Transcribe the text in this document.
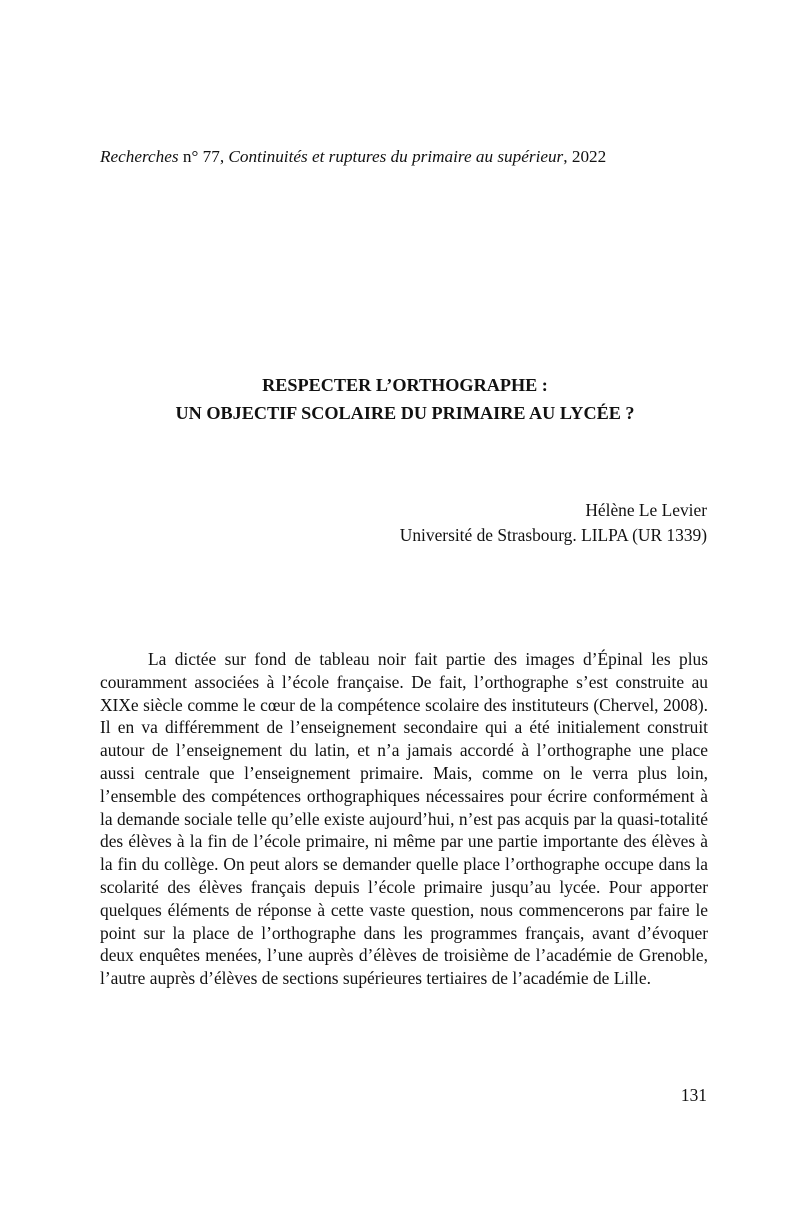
Recherches n° 77, Continuités et ruptures du primaire au supérieur, 2022
RESPECTER L’ORTHOGRAPHE :
UN OBJECTIF SCOLAIRE DU PRIMAIRE AU LYCÉE ?
Hélène Le Levier
Université de Strasbourg. LILPA (UR 1339)

La dictée sur fond de tableau noir fait partie des images d’Épinal les plus couramment associées à l’école française. De fait, l’orthographe s’est construite au XIXe siècle comme le cœur de la compétence scolaire des instituteurs (Chervel, 2008). Il en va différemment de l’enseignement secondaire qui a été initialement construit autour de l’enseignement du latin, et n’a jamais accordé à l’orthographe une place aussi centrale que l’enseignement primaire. Mais, comme on le verra plus loin, l’ensemble des compétences orthographiques nécessaires pour écrire conformément à la demande sociale telle qu’elle existe aujourd’hui, n’est pas acquis par la quasi-totalité des élèves à la fin de l’école primaire, ni même par une partie importante des élèves à la fin du collège. On peut alors se demander quelle place l’orthographe occupe dans la scolarité des élèves français depuis l’école primaire jusqu’au lycée. Pour apporter quelques éléments de réponse à cette vaste question, nous commencerons par faire le point sur la place de l’orthographe dans les programmes français, avant d’évoquer deux enquêtes menées, l’une auprès d’élèves de troisième de l’académie de Grenoble, l’autre auprès d’élèves de sections supérieures tertiaires de l’académie de Lille.

131
